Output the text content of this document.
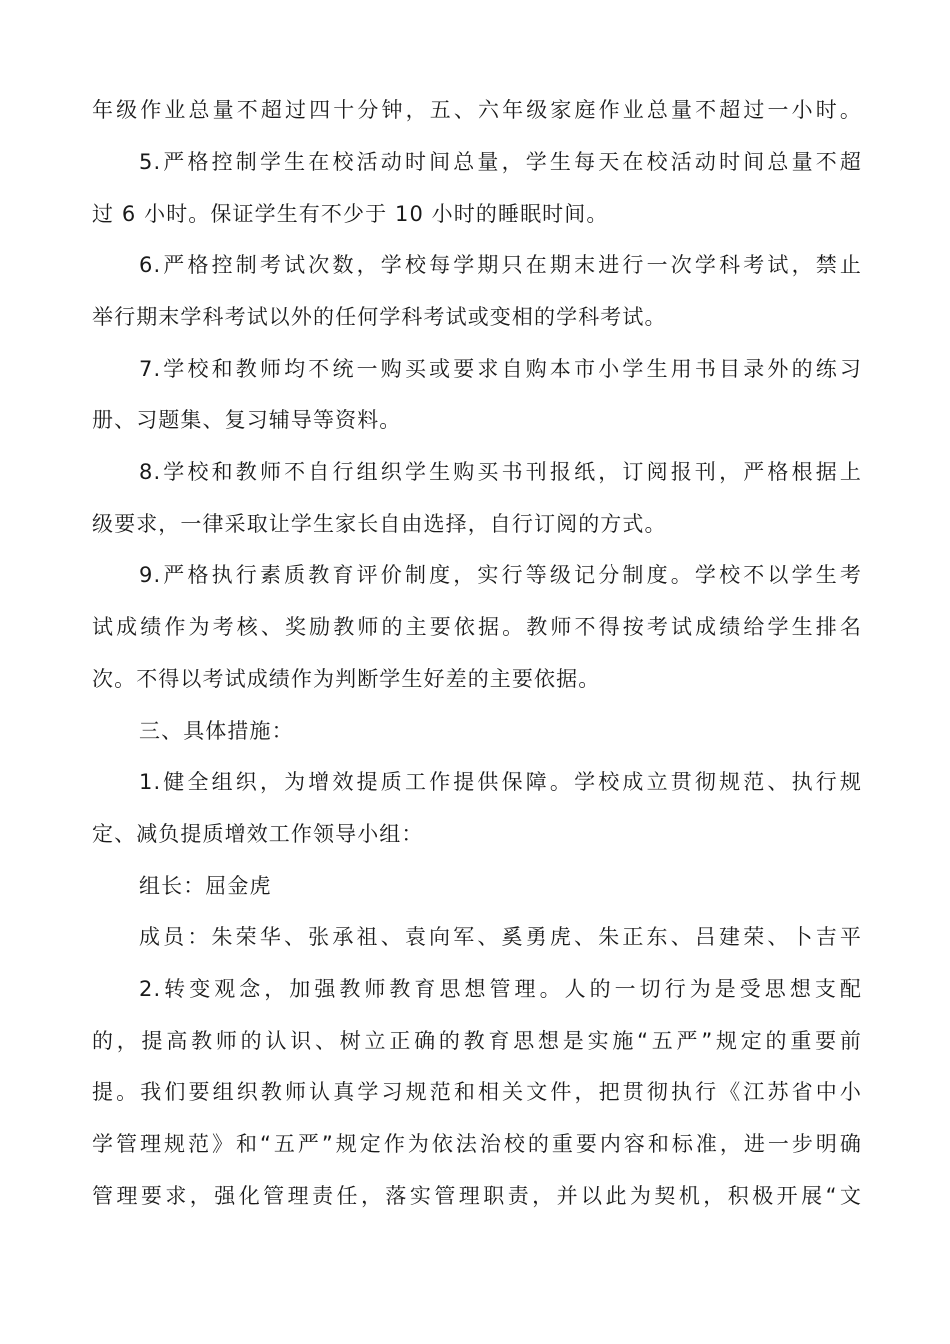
年级作业总量不超过四十分钟，五、六年级家庭作业总量不超过一小时。
5.严格控制学生在校活动时间总量，学生每天在校活动时间总量不超
过 6 小时。保证学生有不少于 10 小时的睡眠时间。
6.严格控制考试次数，学校每学期只在期末进行一次学科考试，禁止
举行期末学科考试以外的任何学科考试或变相的学科考试。
7.学校和教师均不统一购买或要求自购本市小学生用书目录外的练习
册、习题集、复习辅导等资料。
8.学校和教师不自行组织学生购买书刊报纸，订阅报刊，严格根据上
级要求，一律采取让学生家长自由选择，自行订阅的方式。
9.严格执行素质教育评价制度，实行等级记分制度。学校不以学生考
试成绩作为考核、奖励教师的主要依据。教师不得按考试成绩给学生排名
次。不得以考试成绩作为判断学生好差的主要依据。
三、具体措施：
1.健全组织，为增效提质工作提供保障。学校成立贯彻规范、执行规
定、减负提质增效工作领导小组：
组长：屈金虎
成员：朱荣华、张承祖、袁向军、奚勇虎、朱正东、吕建荣、卜吉平
2.转变观念，加强教师教育思想管理。人的一切行为是受思想支配
的，提高教师的认识、树立正确的教育思想是实施“五严”规定的重要前
提。我们要组织教师认真学习规范和相关文件，把贯彻执行《江苏省中小
学管理规范》和“五严”规定作为依法治校的重要内容和标准，进一步明确
管理要求，强化管理责任，落实管理职责，并以此为契机，积极开展“文
